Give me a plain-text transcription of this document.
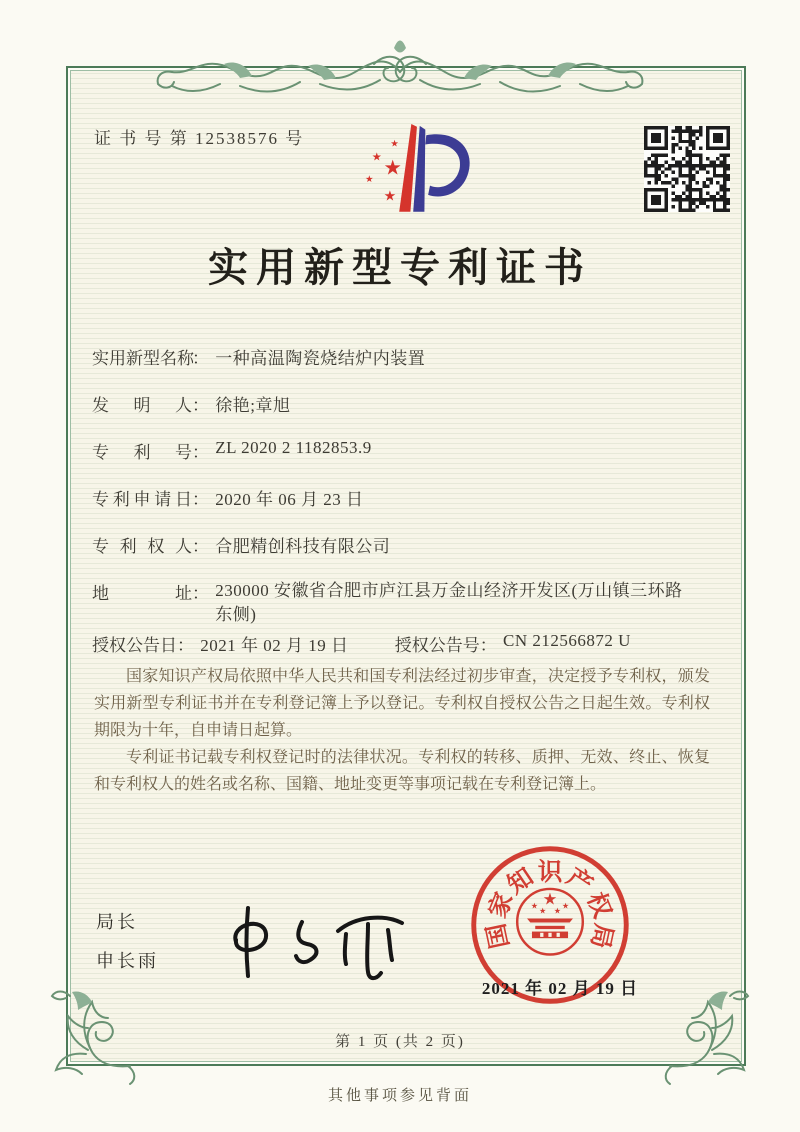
证 书 号 第 12538576 号
★
★
★
★
★
实用新型专利证书
实用新型名称： 一种高温陶瓷烧结炉内装置
发明人： 徐艳;章旭
专利号： ZL 2020 2 1182853.9
专利申请日： 2020 年 06 月 23 日
专利权人： 合肥精创科技有限公司
地址： 230000 安徽省合肥市庐江县万金山经济开发区(万山镇三环路东侧)
授权公告日： 2021 年 02 月 19 日	授权公告号： CN 212566872 U

国家知识产权局依照中华人民共和国专利法经过初步审查，决定授予专利权，颁发实用新型专利证书并在专利登记簿上予以登记。专利权自授权公告之日起生效。专利权期限为十年，自申请日起算。

专利证书记载专利权登记时的法律状况。专利权的转移、质押、无效、终止、恢复和专利权人的姓名或名称、国籍、地址变更等事项记载在专利登记簿上。

局长
申长雨
国
家
知 识 产
权
局
★
★ ★ ★ ★
2021 年 02 月 19 日
第 1 页 (共 2 页)
其他事项参见背面
